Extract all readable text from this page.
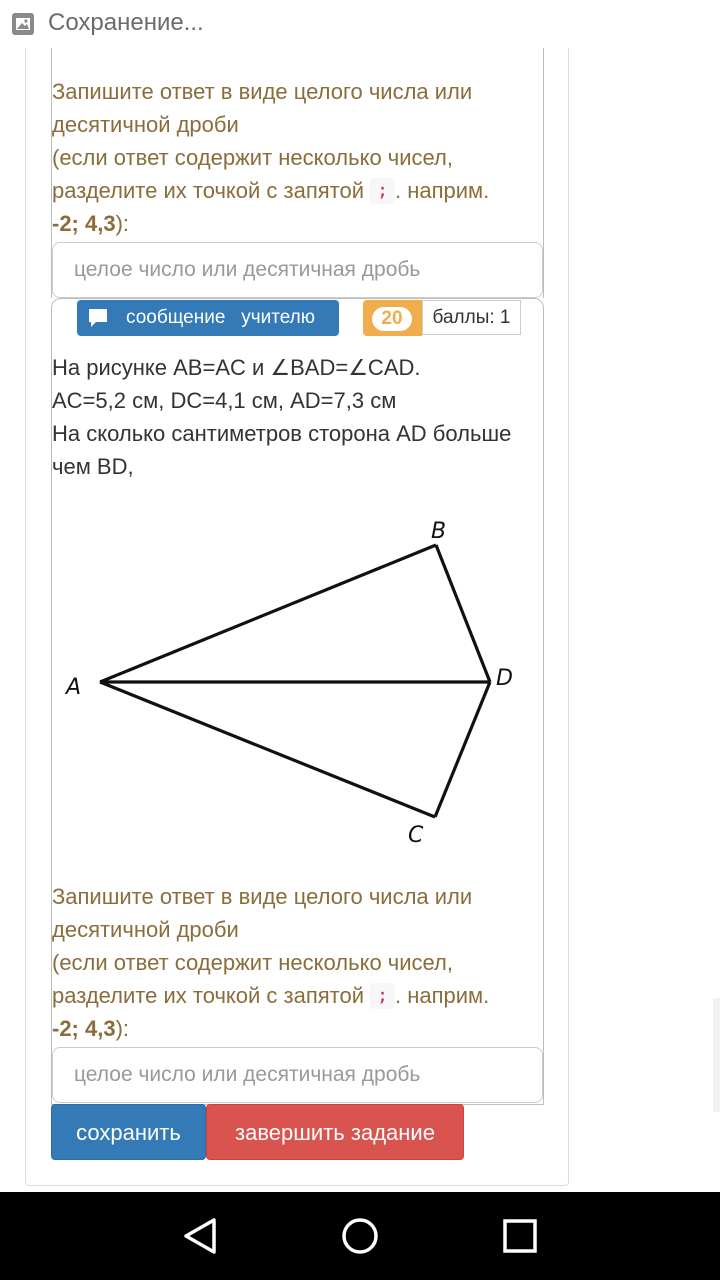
Сохранение...
Запишите ответ в виде целого числа или
десятичной дроби
(если ответ содержит несколько чисел,
разделите их точкой с запятой ; . наприм.
-2; 4,3):
целое число или десятичная дробь
сообщение   учителю	20	баллы: 1
На рисунке AB=AC и ∠BAD=∠CAD.
AC=5,2 см, DC=4,1 см, AD=7,3 см
На сколько сантиметров сторона AD больше
чем BD,
A
B
D
C
Запишите ответ в виде целого числа или
десятичной дроби
(если ответ содержит несколько чисел,
разделите их точкой с запятой ; . наприм.
-2; 4,3):
целое число или десятичная дробь
сохранить	завершить задание
